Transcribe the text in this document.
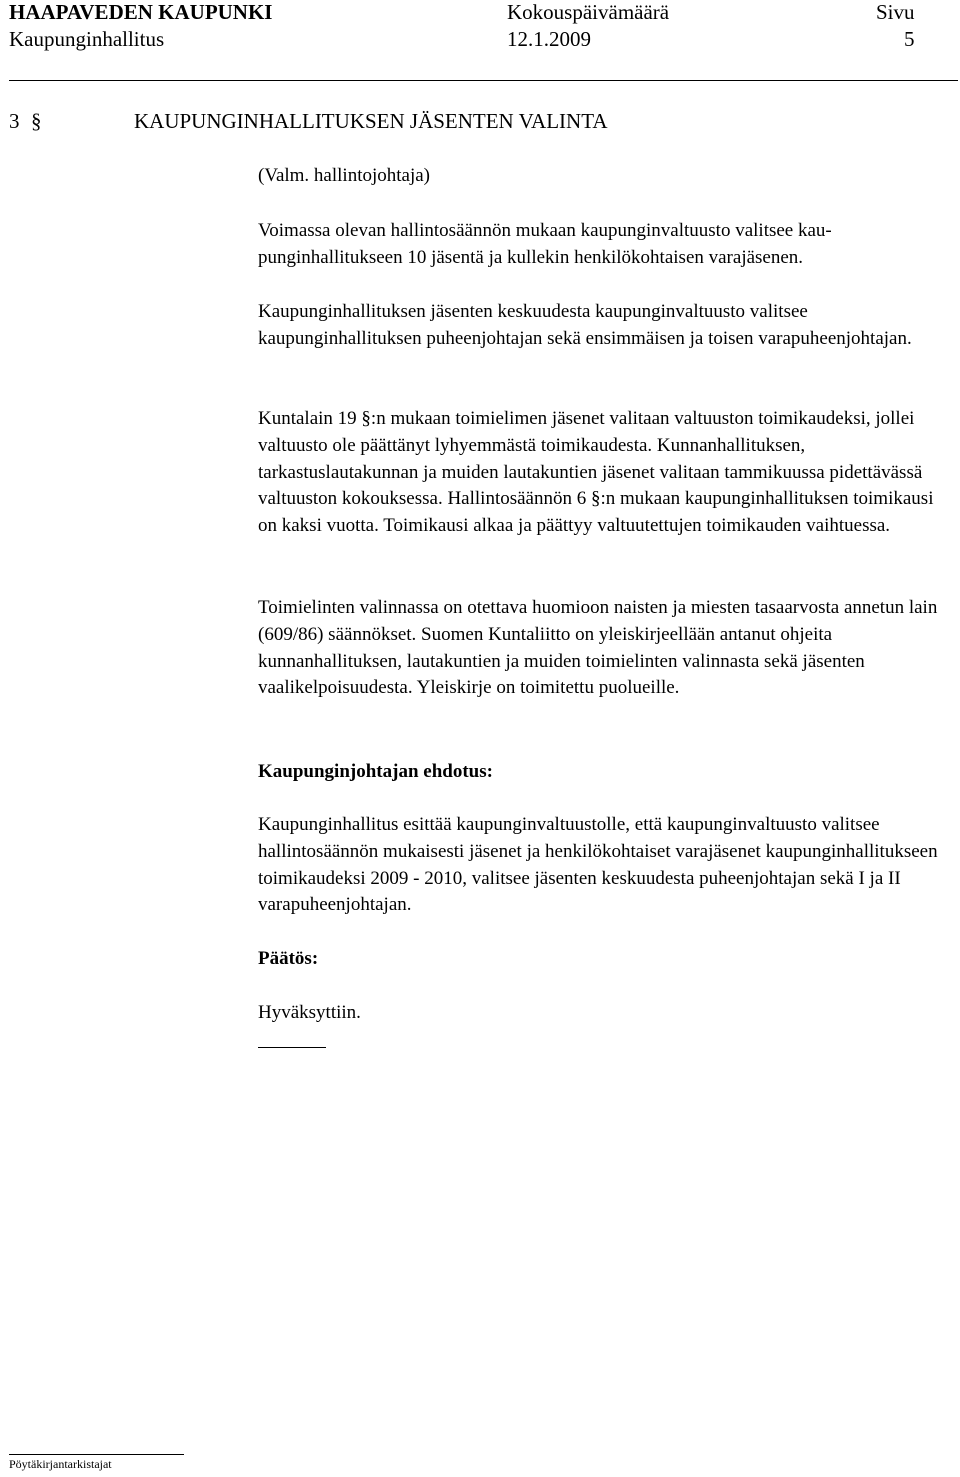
HAAPAVEDEN KAUPUNKI
Kaupunginhallitus
Kokouspäivämäärä
12.1.2009
Sivu
5
3 §	KAUPUNGINHALLITUKSEN JÄSENTEN VALINTA

(Valm. hallintojohtaja)

Voimassa olevan hallintosäännön mukaan kaupunginvaltuusto valitsee kaupunginhallitukseen 10 jäsentä ja kullekin henkilökohtaisen varajäsenen.

Kaupunginhallituksen jäsenten keskuudesta kaupunginvaltuusto valitsee kaupunginhallituksen puheenjohtajan sekä ensimmäisen ja toisen varapuheenjohtajan.

Kuntalain 19 §:n mukaan toimielimen jäsenet valitaan valtuuston toimikaudeksi, jollei valtuusto ole päättänyt lyhyemmästä toimikaudesta. Kunnanhallituksen, tarkastuslautakunnan ja muiden lautakuntien jäsenet valitaan tammikuussa pidettävässä valtuuston kokouksessa. Hallintosäännön 6 §:n mukaan kaupunginhallituksen toimikausi on kaksi vuotta. Toimikausi alkaa ja päättyy valtuutettujen toimikauden vaihtuessa.

Toimielinten valinnassa on otettava huomioon naisten ja miesten tasaarvosta annetun lain (609/86) säännökset. Suomen Kuntaliitto on yleiskirjeellään antanut ohjeita kunnanhallituksen, lautakuntien ja muiden toimielinten valinnasta sekä jäsenten vaalikelpoisuudesta. Yleiskirje on toimitettu puolueille.

Kaupunginjohtajan ehdotus:

Kaupunginhallitus esittää kaupunginvaltuustolle, että kaupunginvaltuusto valitsee hallintosäännön mukaisesti jäsenet ja henkilökohtaiset varajäsenet kaupunginhallitukseen toimikaudeksi 2009 - 2010, valitsee jäsenten keskuudesta puheenjohtajan sekä I ja II varapuheenjohtajan.

Päätös:

Hyväksyttiin.

Pöytäkirjantarkistajat
